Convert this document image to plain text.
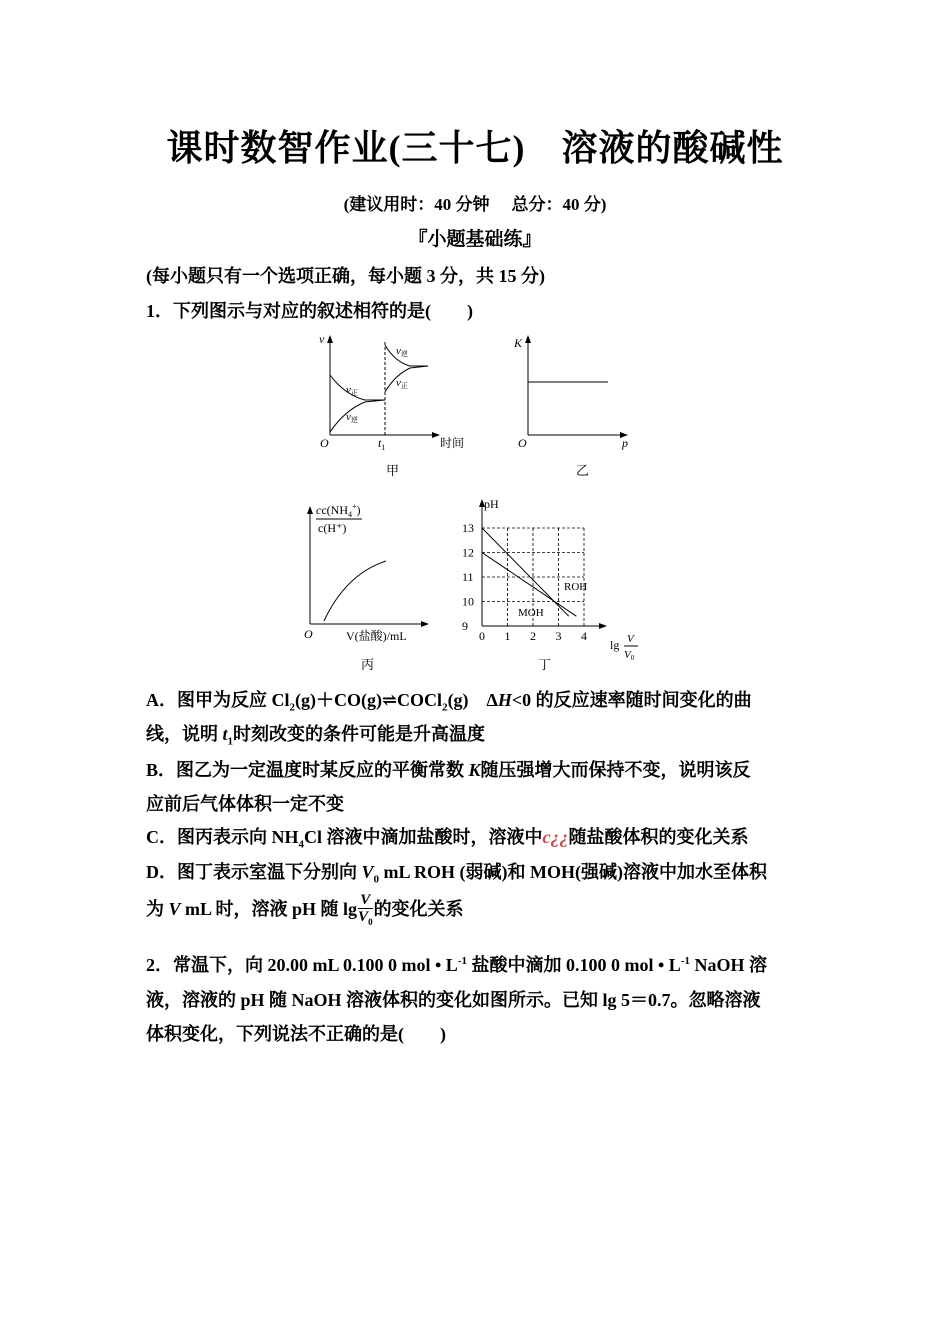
课时数智作业(三十七) 溶液的酸碱性
(建议用时：40 分钟 总分：40 分)
『小题基础练』
(每小题只有一个选项正确，每小题 3 分，共 15 分)
1．下列图示与对应的叙述相符的是(　　)
v
O	$t_1$	时间
v正
v逆
v逆
v正
甲
K
O	p
乙
$cc(NH_4^+)$
c(H⁺)
O	V(盐酸)/mL
丙
13
12
11
10
9
0 1 2 3 4
pH
ROH
MOH
lg V
V0
丁
A．图甲为反应 $Cl_2(g)+CO(g)\rightleftharpoons COCl_2(g)$　ΔH<0 的反应速率随时间变化的曲
线，说明 $t_1$时刻改变的条件可能是升高温度
B．图乙为一定温度时某反应的平衡常数 K随压强增大而保持不变，说明该反
应前后气体体积一定不变
C．图丙表示向 $NH_4Cl$ 溶液中滴加盐酸时，溶液中c¿¿随盐酸体积的变化关系
D．图丁表示室温下分别向 $V_0$ mL ROH (弱碱)和 MOH(强碱)溶液中加水至体积
为 V mL 时，溶液 pH 随 $\lg \frac{V}{V_0}$ 的变化关系
2．常温下，向 20.00 mL 0.100 0 mol • $L^{-1}$ 盐酸中滴加 0.100 0 mol • $L^{-1}$ NaOH 溶
液，溶液的 pH 随 NaOH 溶液体积的变化如图所示。已知 lg 5＝0.7。忽略溶液
体积变化，下列说法不正确的是(　　)
